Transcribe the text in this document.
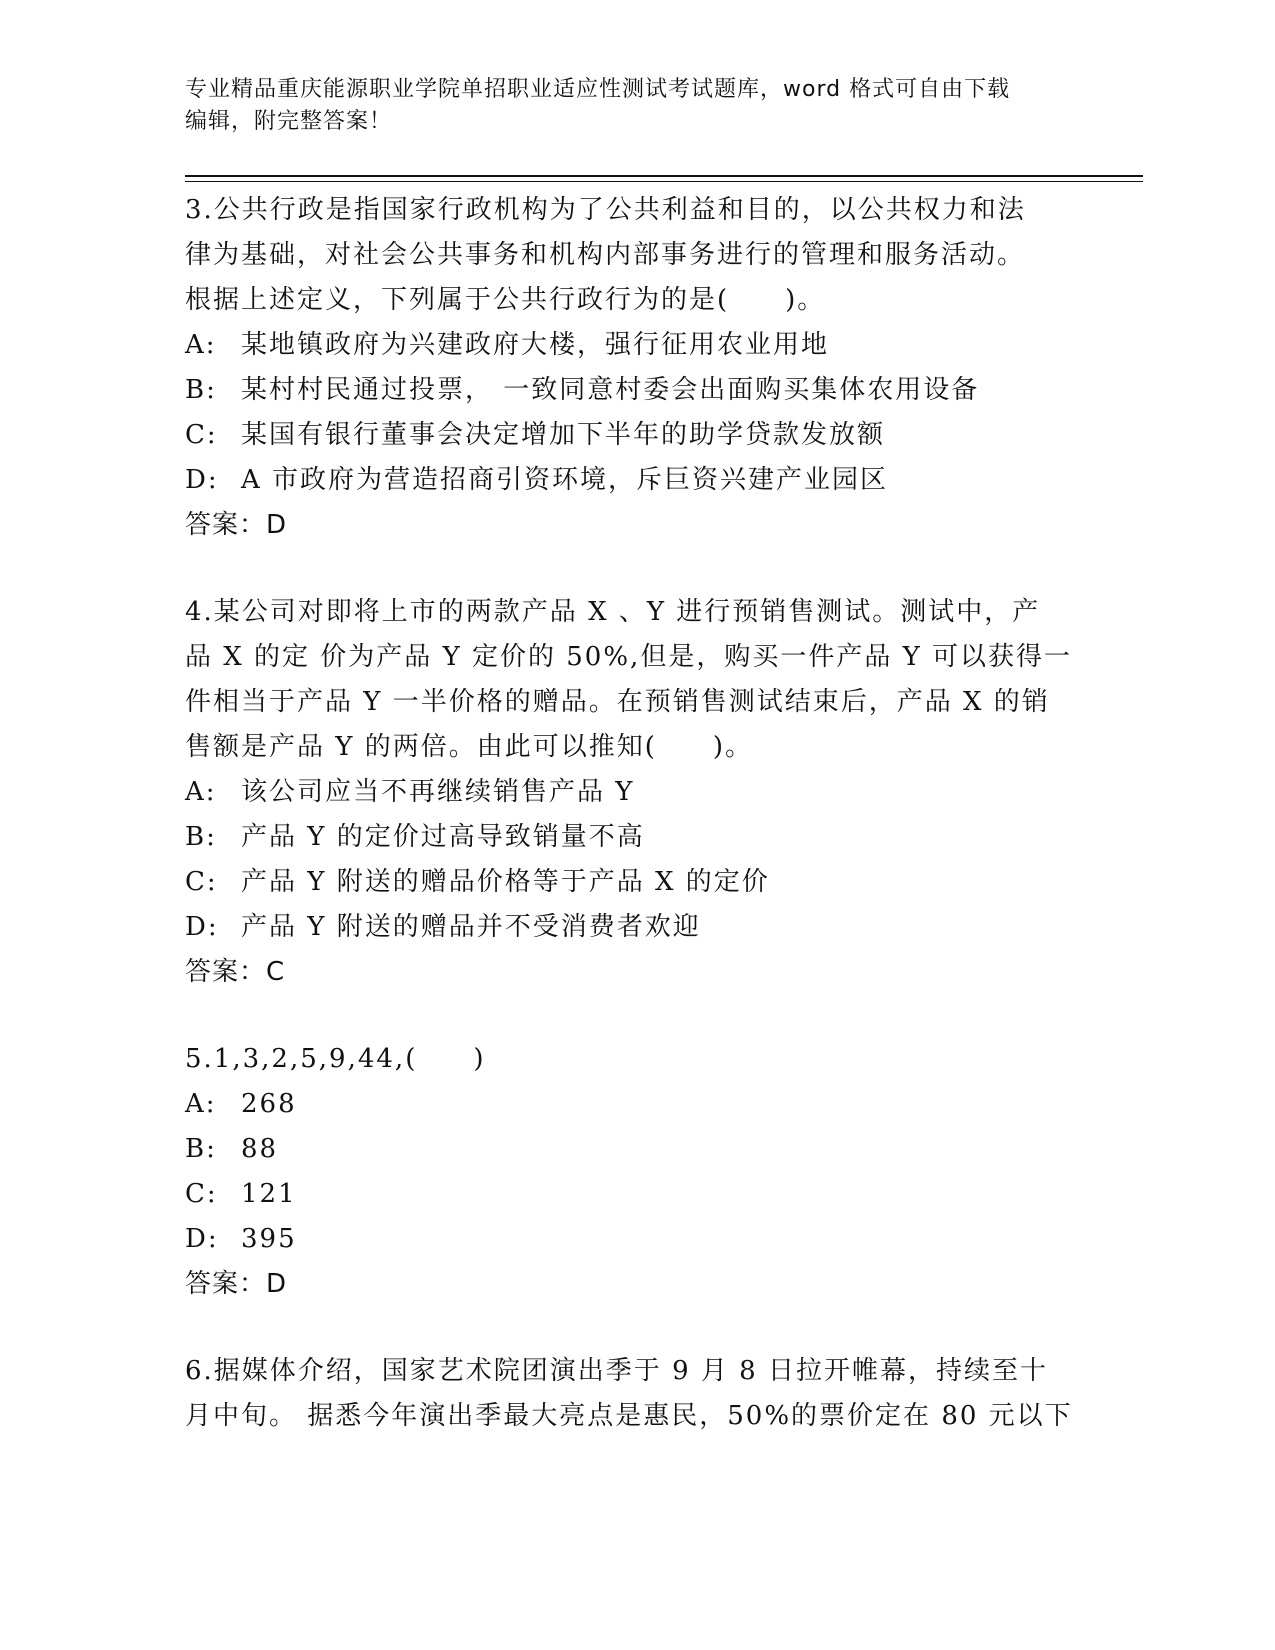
专业精品重庆能源职业学院单招职业适应性测试考试题库，word 格式可自由下载
编辑，附完整答案！
3.公共行政是指国家行政机构为了公共利益和目的，以公共权力和法
律为基础，对社会公共事务和机构内部事务进行的管理和服务活动。
根据上述定义，下列属于公共行政行为的是(　　)。
A: 某地镇政府为兴建政府大楼，强行征用农业用地
B: 某村村民通过投票， 一致同意村委会出面购买集体农用设备
C: 某国有银行董事会决定增加下半年的助学贷款发放额
D: A 市政府为营造招商引资环境，斥巨资兴建产业园区
答案：D
4.某公司对即将上市的两款产品 X 、Y 进行预销售测试。测试中，产
品 X 的定 价为产品 Y 定价的 50%,但是，购买一件产品 Y 可以获得一
件相当于产品 Y 一半价格的赠品。在预销售测试结束后，产品 X 的销
售额是产品 Y 的两倍。由此可以推知(　　)。
A: 该公司应当不再继续销售产品 Y
B: 产品 Y 的定价过高导致销量不高
C: 产品 Y 附送的赠品价格等于产品 X 的定价
D: 产品 Y 附送的赠品并不受消费者欢迎
答案：C
5.1,3,2,5,9,44,(　　)
A: 268
B: 88
C: 121
D: 395
答案：D
6.据媒体介绍，国家艺术院团演出季于 9 月 8 日拉开帷幕，持续至十
月中旬。 据悉今年演出季最大亮点是惠民，50%的票价定在 80 元以下
